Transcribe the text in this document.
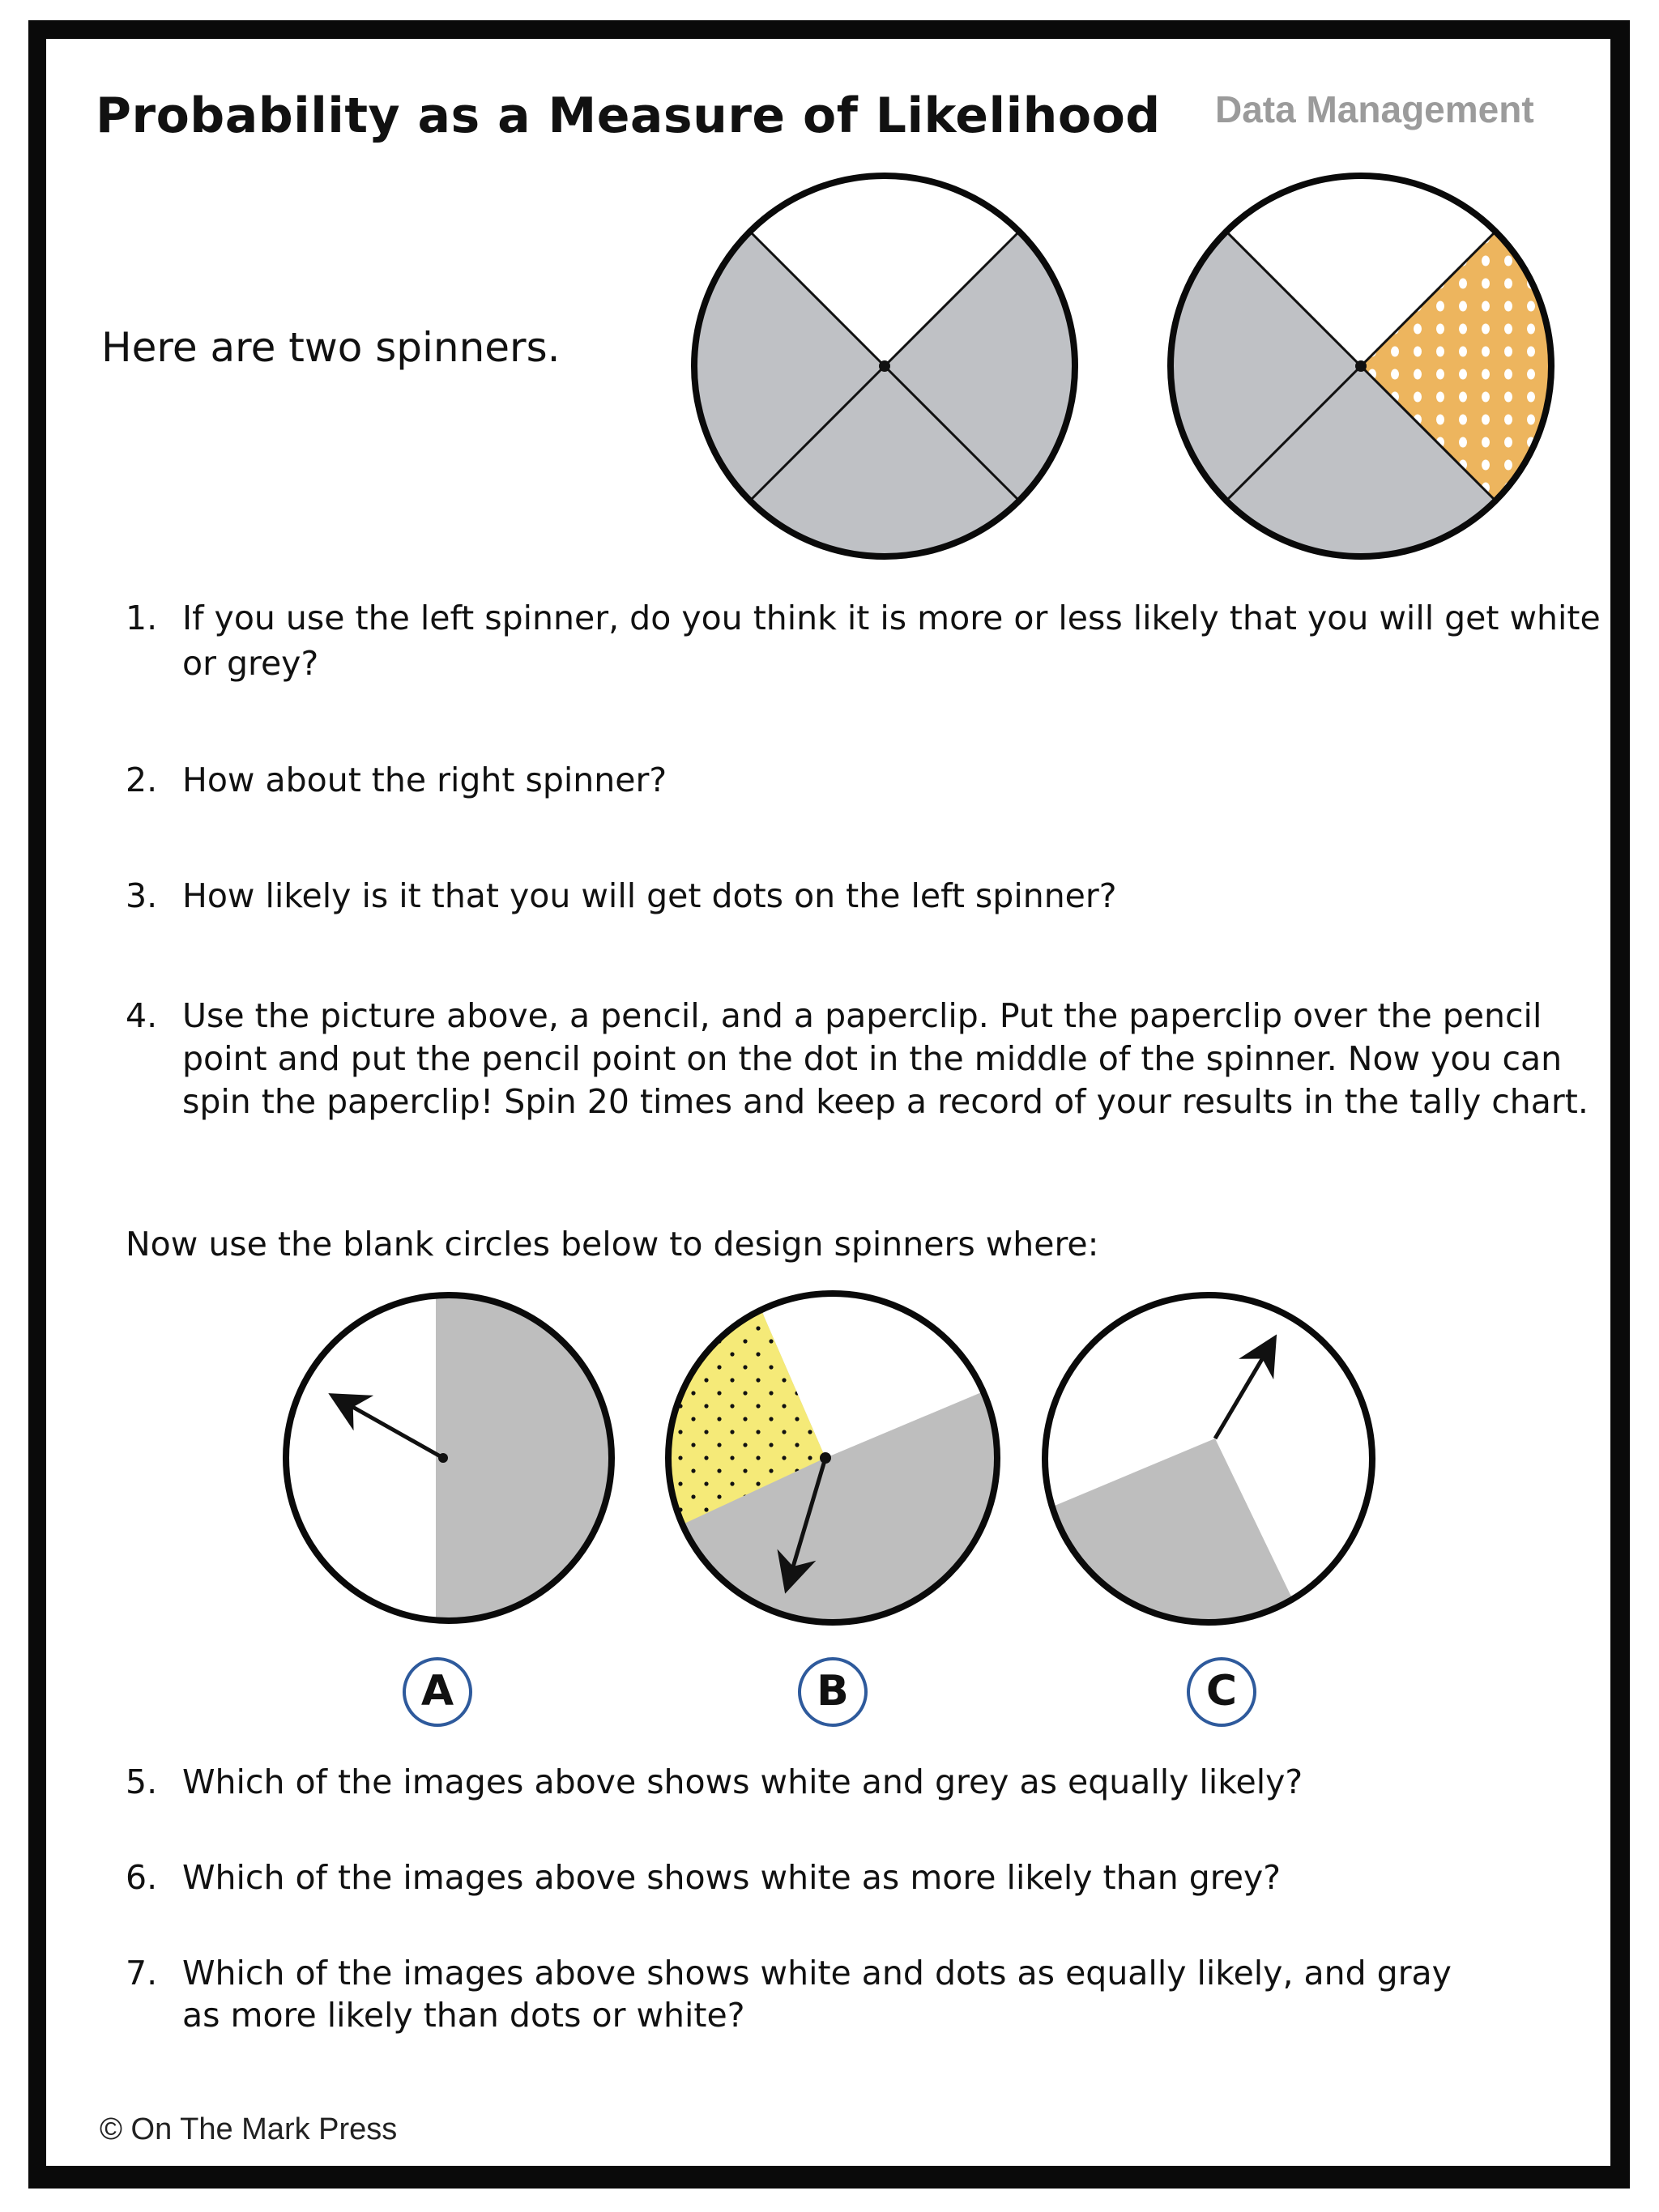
Probability as a Measure of Likelihood Data Management
Here are two spinners.
A	B	C
1. If you use the left spinner, do you think it is more or less likely that you will get white or grey?
2. How about the right spinner?
3. How likely is it that you will get dots on the left spinner?
4. Use the picture above, a pencil, and a paperclip. Put the paperclip over the pencil point and put the pencil point on the dot in the middle of the spinner. Now you can spin the paperclip! Spin 20 times and keep a record of your results in the tally chart.
Now use the blank circles below to design spinners where:
5. Which of the images above shows white and grey as equally likely?
6. Which of the images above shows white as more likely than grey?
7. Which of the images above shows white and dots as equally likely, and gray as more likely than dots or white?
© On The Mark Press
